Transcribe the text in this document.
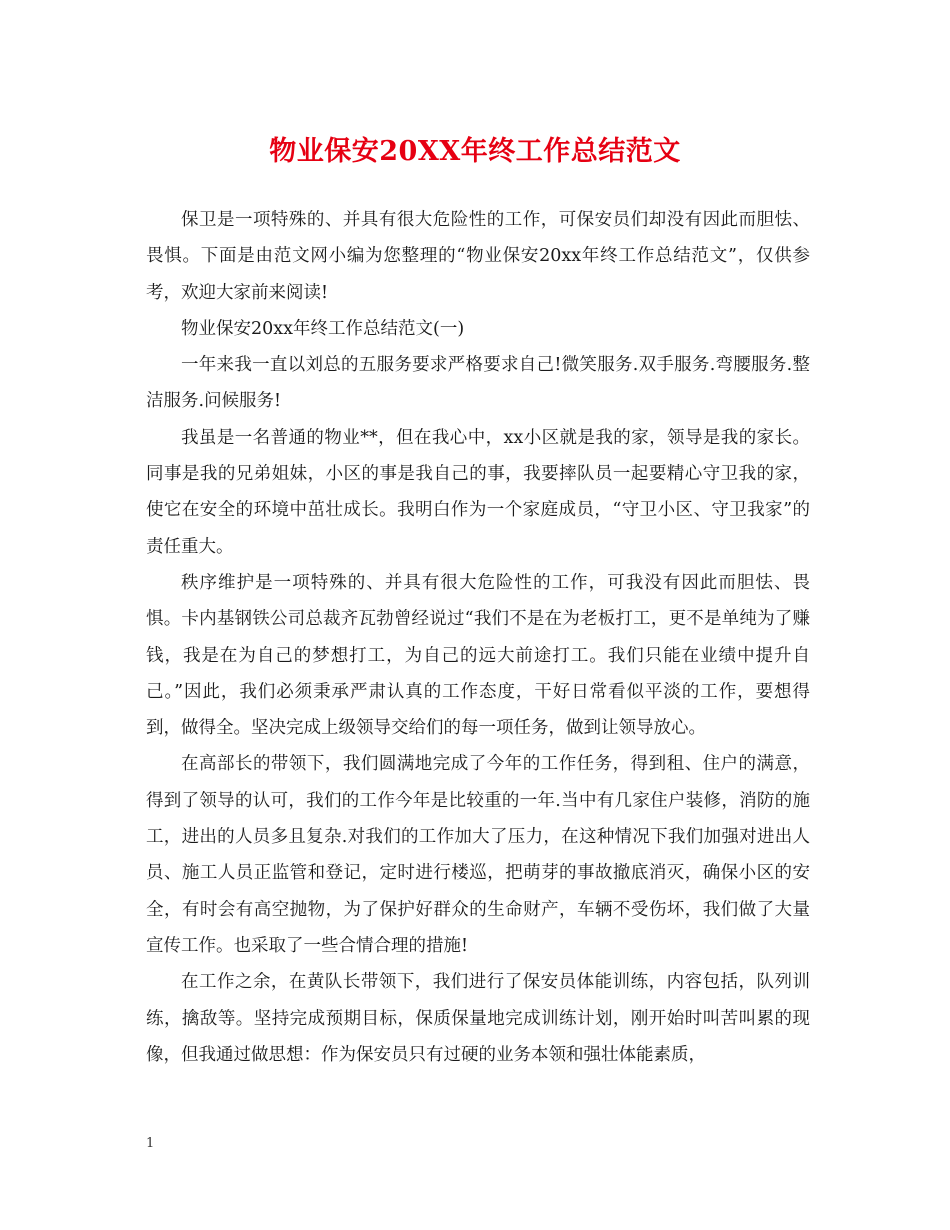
物业保安20XX年终工作总结范文

保卫是一项特殊的、并具有很大危险性的工作，可保安员们却没有因此而胆怯、畏惧。下面是由范文网小编为您整理的“物业保安20xx年终工作总结范文”，仅供参考，欢迎大家前来阅读!

物业保安20xx年终工作总结范文(一)

一年来我一直以刘总的五服务要求严格要求自己!微笑服务.双手服务.弯腰服务.整洁服务.问候服务!

我虽是一名普通的物业**，但在我心中，xx小区就是我的家，领导是我的家长。同事是我的兄弟姐妹，小区的事是我自己的事，我要摔队员一起要精心守卫我的家，使它在安全的环境中茁壮成长。我明白作为一个家庭成员，“守卫小区、守卫我家”的责任重大。

秩序维护是一项特殊的、并具有很大危险性的工作，可我没有因此而胆怯、畏惧。卡内基钢铁公司总裁齐瓦勃曾经说过“我们不是在为老板打工，更不是单纯为了赚钱，我是在为自己的梦想打工，为自己的远大前途打工。我们只能在业绩中提升自己。”因此，我们必须秉承严肃认真的工作态度，干好日常看似平淡的工作，要想得到，做得全。坚决完成上级领导交给们的每一项任务，做到让领导放心。

在高部长的带领下，我们圆满地完成了今年的工作任务，得到租、住户的满意，得到了领导的认可，我们的工作今年是比较重的一年.当中有几家住户装修，消防的施工，进出的人员多且复杂.对我们的工作加大了压力，在这种情况下我们加强对进出人员、施工人员正监管和登记，定时进行楼巡，把萌芽的事故撤底消灭，确保小区的安全，有时会有高空抛物，为了保护好群众的生命财产，车辆不受伤坏，我们做了大量宣传工作。也采取了一些合情合理的措施!

在工作之余，在黄队长带领下，我们进行了保安员体能训练，内容包括，队列训练，擒敌等。坚持完成预期目标，保质保量地完成训练计划，刚开始时叫苦叫累的现像，但我通过做思想：作为保安员只有过硬的业务本领和强壮体能素质，

1
